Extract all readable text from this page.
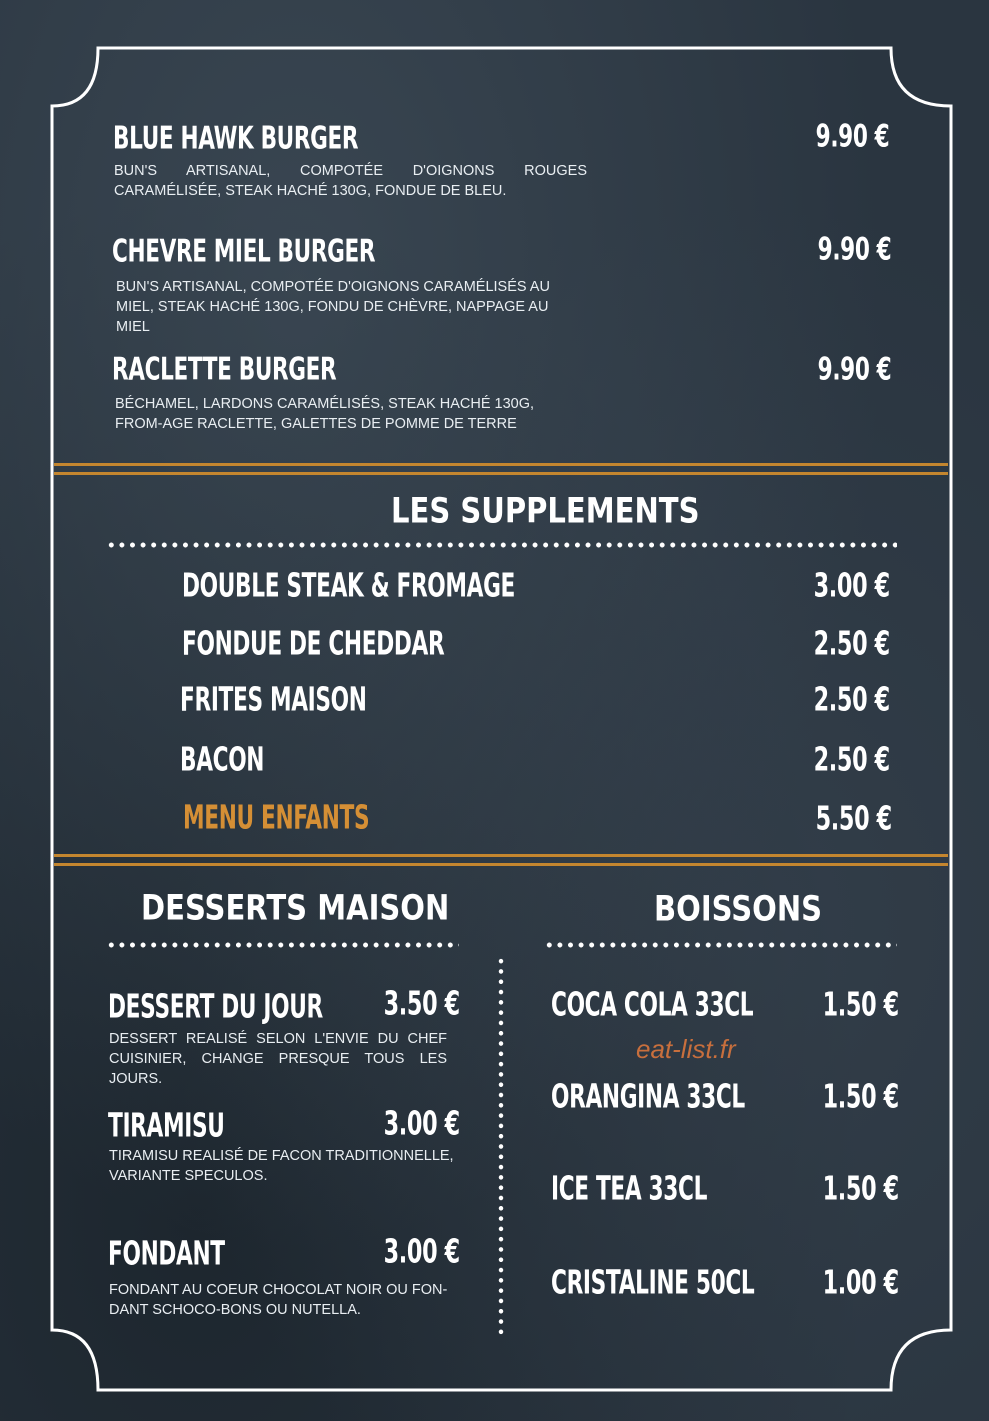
BLUE HAWK BURGER	9.90 €
BUN'S ARTISANAL, COMPOTÉE D'OIGNONS ROUGES CARAMÉLISÉE, STEAK HACHÉ 130G, FONDUE DE BLEU.
CHEVRE MIEL BURGER	9.90 €
BUN'S ARTISANAL, COMPOTÉE D'OIGNONS CARAMÉLISÉS AU MIEL, STEAK HACHÉ 130G, FONDU DE CHÈVRE, NAPPAGE AU MIEL
RACLETTE BURGER	9.90 €
BÉCHAMEL, LARDONS CARAMÉLISÉS, STEAK HACHÉ 130G, FROM-AGE RACLETTE, GALETTES DE POMME DE TERRE
LES SUPPLEMENTS
DOUBLE STEAK & FROMAGE	3.00 €
FONDUE DE CHEDDAR	2.50 €
FRITES MAISON	2.50 €
BACON	2.50 €
MENU ENFANTS	5.50 €
DESSERTS MAISON
DESSERT DU JOUR	3.50 €
DESSERT REALISÉ SELON L'ENVIE DU CHEF CUISINIER, CHANGE PRESQUE TOUS LES JOURS.
TIRAMISU	3.00 €
TIRAMISU REALISÉ DE FACON TRADITIONNELLE, VARIANTE SPECULOS.
FONDANT	3.00 €
FONDANT AU COEUR CHOCOLAT NOIR OU FON-DANT SCHOCO-BONS OU NUTELLA.
BOISSONS
COCA COLA 33CL	1.50 €
eat-list.fr
ORANGINA 33CL	1.50 €
ICE TEA 33CL	1.50 €
CRISTALINE 50CL	1.00 €
